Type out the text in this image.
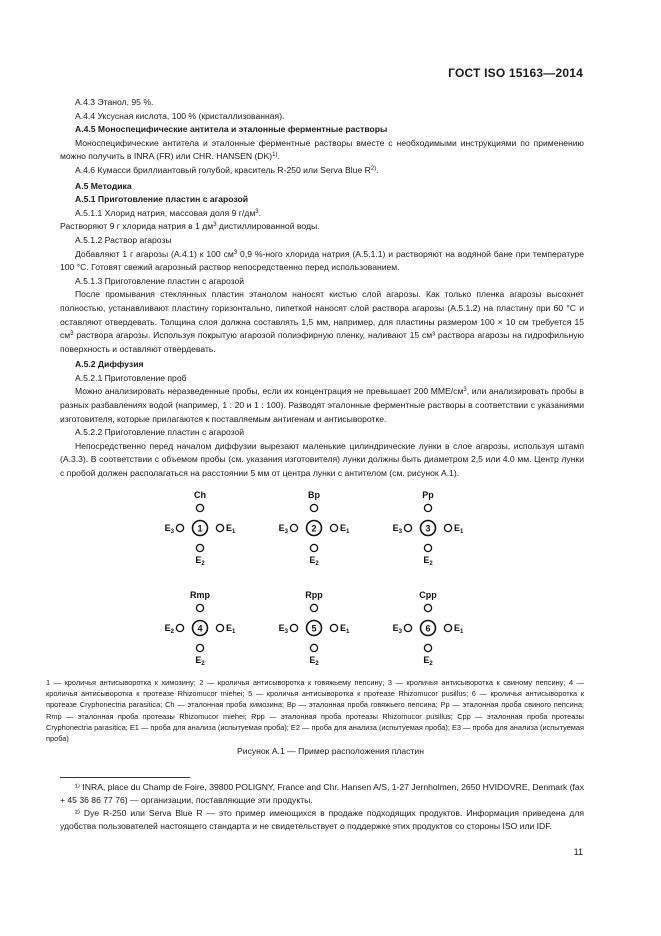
ГОСТ ISO 15163—2014

А.4.3 Этанол, 95 %.

А.4.4 Уксусная кислота, 100 % (кристаллизованная).

А.4.5 Моноспецифические антитела и эталонные ферментные растворы

Моноспецифические антитела и эталонные ферментные растворы вместе с необходимыми инструкциями по применению можно получить в INRA (FR) или CHR. HANSEN (DK)$^{1)}$.

А.4.6 Кумасси бриллиантовый голубой, краситель R-250 или Serva Blue $R^{2)}$.

А.5 Методика

А.5.1 Приготовление пластин с агарозой

А.5.1.1 Хлорид натрия, массовая доля 9 $г/дм^3$.

Растворяют 9 г хлорида натрия в 1 $дм^3$ дистиллированной воды.

А.5.1.2 Раствор агарозы

Добавляют 1 г агарозы (А.4.1) к 100 $см^3$ 0,9 %-ного хлорида натрия (А.5.1.1) и растворяют на водяной бане при температуре 100 °С. Готовят свежий агарозный раствор непосредственно перед использованием.

А.5.1.3 Приготовление пластин с агарозой

После промывания стеклянных пластин этанолом наносят кистью слой агарозы. Как только пленка агарозы высохнет полностью, устанавливают пластину горизонтально, пипеткой наносят слой раствора агарозы (А.5.1.2) на пластину при 60 °С и оставляют отвердевать. Толщина слоя должна составлять 1,5 мм, например, для пластины размером 100 × 10 см требуется 15 $см^3$ раствора агарозы. Используя покрытую агарозой полиэфирную пленку, наливают 15 см³ раствора агарозы на гидрофильную поверхность и оставляют отвердевать.

А.5.2 Диффузия

А.5.2.1 Приготовление проб

Можно анализировать неразведенные пробы, если их концентрация не превышает 200 ММЕ/$см^3$, или анализировать пробы в разных разбавлениях водой (например, 1 : 20 и 1 : 100). Разводят эталонные ферментные растворы в соответствии с указаниями изготовителя, которые прилагаются к поставляемым антигенам и антисыворотке.

А.5.2.2 Приготовление пластин с агарозой

Непосредственно перед началом диффузии вырезают маленькие цилиндрические лунки в слое агарозы, используя штамп (А.3.3). В соответствии с объемом пробы (см. указания изготовителя) лунки должны быть диаметром 2,5 или 4.0 мм. Центр лунки с пробой должен располагаться на расстоянии 5 мм от центра лунки с антителом (см. рисунок А.1).

Ch
1
$E_3$	$E_1$
$E_2$
Bp
2
$E_3$	$E_1$
$E_2$
Pp
3
$E_3$	$E_1$
$E_2$
Rmp
4
$E_2$	$E_1$
$E_2$
Rpp
5
$E_3$	$E_1$
$E_2$
Cpp
6
$E_3$	$E_1$
$E_2$
1 — кроличья антисыворотка к химозину; 2 — кроличья антисыворотка к говяжьему пепсину; 3 — кроличья антисыворотка к свиному пепсину; 4 — кроличья антисыворотка к протеазе Rhizomucor miehei; 5 — кроличья антисыворотка к протеазе Rhizomucor pusillus; 6 — кроличья антисыворотка к протеазе Cryphonectria parasitica; Ch — эталонная проба химозина; Bp — эталонная проба говяжьего пепсина; Pp — эталонная проба свиного пепсина; Rmp — эталонная проба протеазы Rhizomucor miehei; Rpp — эталонная проба протеазы Rhizomucor pusillus; Cpp — эталонная проба протеазы Cryphonectria parasitica; E1 — проба для анализа (испытуемая проба); E2 — проба для анализа (испытуемая проба); E3 — проба для анализа (испытуемая проба)
Рисунок А.1 — Пример расположения пластин

¹⁾ INRA, place du Champ de Foire, 39800 POLIGNY, France and Chr. Hansen A/S, 1-27 Jernholmen, 2650 HVIDOVRE, Denmark (fax + 45 36 86 77 76) — организации, поставляющие эти продукты.

²⁾ Dye R-250 или Serva Blue R — это пример имеющихся в продаже подходящих продуктов. Информация приведена для удобства пользователей настоящего стандарта и не свидетельствует о поддержке этих продуктов со стороны ISO или IDF.

11
